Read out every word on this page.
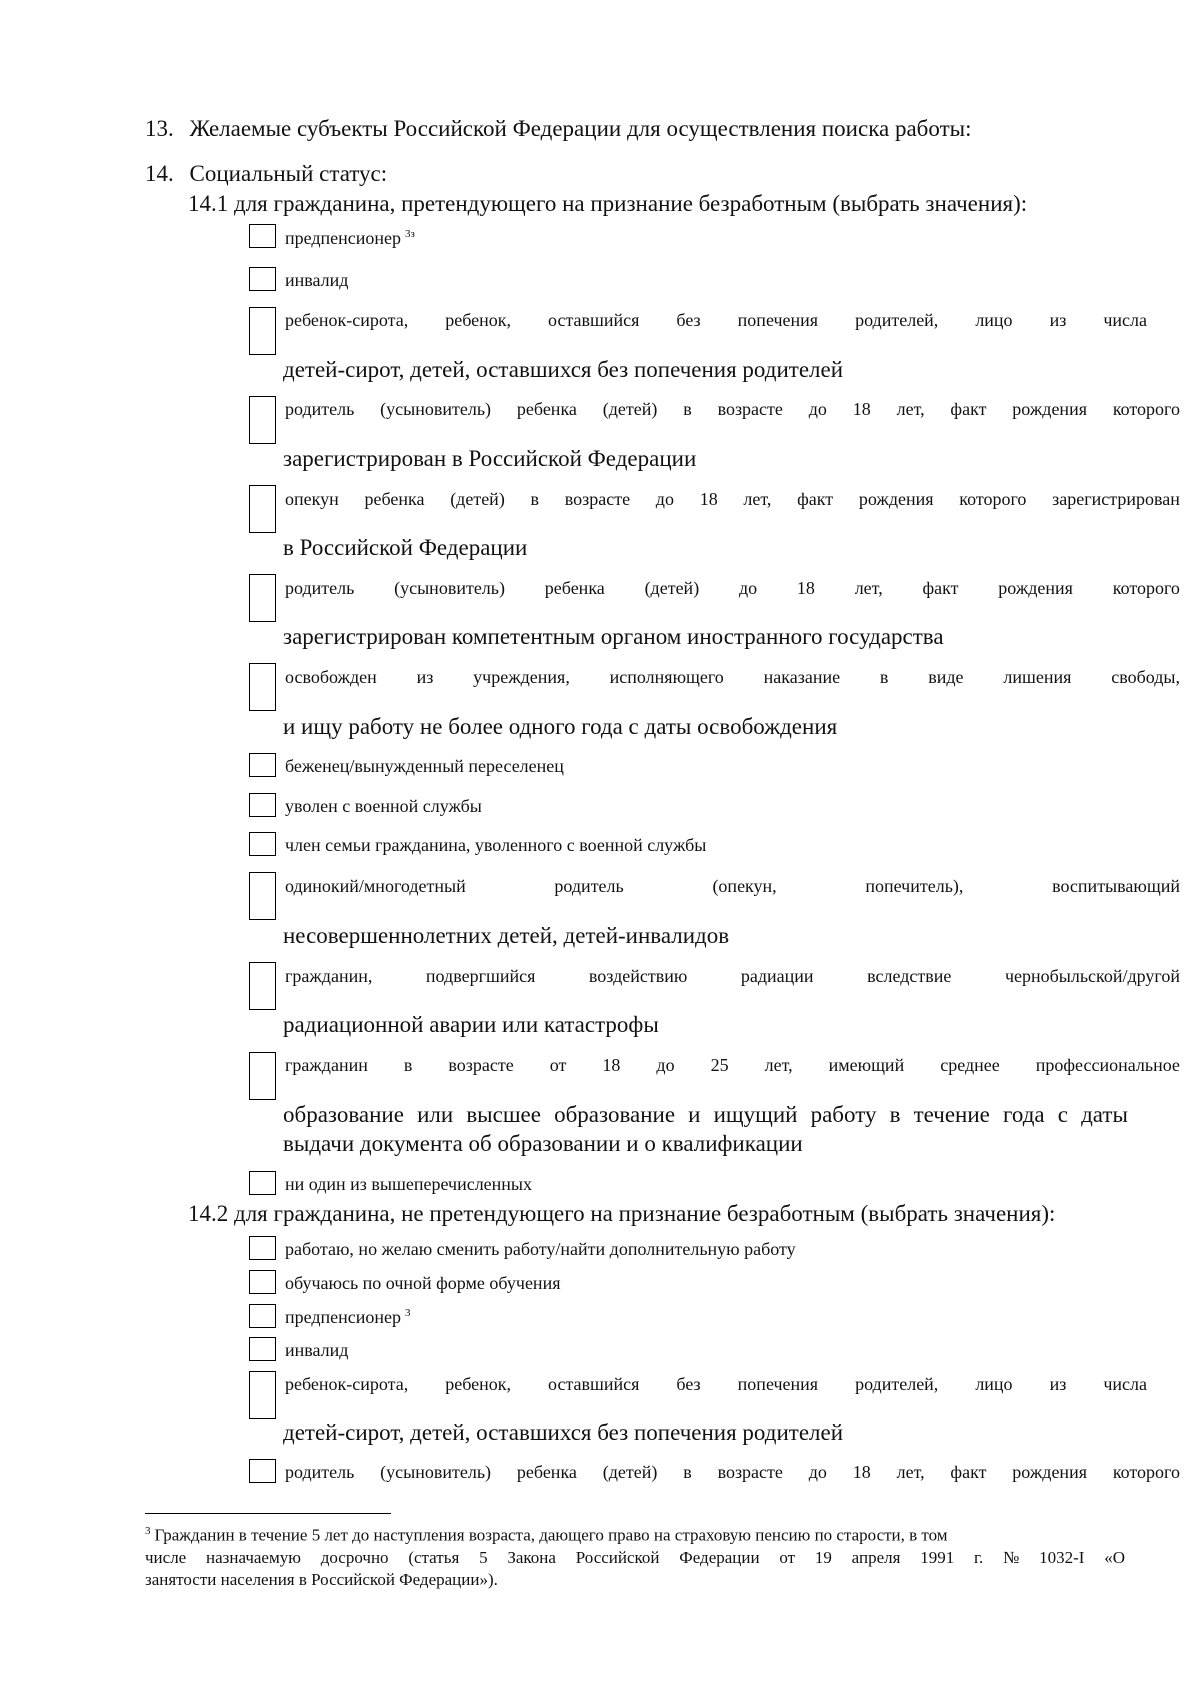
13. Желаемые субъекты Российской Федерации для осуществления поиска работы:
14. Социальный статус:
14.1 для гражданина, претендующего на признание безработным (выбрать значения):
предпенсионер $^{3з}$
инвалид
ребенок-сирота, ребенок, оставшийся без попечения родителей, лицо из числа
детей-сирот, детей, оставшихся без попечения родителей
родитель (усыновитель) ребенка (детей) в возрасте до 18 лет, факт рождения которого
зарегистрирован в Российской Федерации
опекун ребенка (детей) в возрасте до 18 лет, факт рождения которого зарегистрирован
в Российской Федерации
родитель (усыновитель) ребенка (детей) до 18 лет, факт рождения которого
зарегистрирован компетентным органом иностранного государства
освобожден из учреждения, исполняющего наказание в виде лишения свободы,
и ищу работу не более одного года с даты освобождения
беженец/вынужденный переселенец
уволен с военной службы
член семьи гражданина, уволенного с военной службы
одинокий/многодетный	родитель	(опекун,	попечитель),	воспитывающий
несовершеннолетних детей, детей-инвалидов
гражданин,	подвергшийся	воздействию	радиации	вследствие	чернобыльской/другой
радиационной аварии или катастрофы
гражданин в возрасте от 18 до 25 лет, имеющий среднее профессиональное
образование или высшее образование и ищущий работу в течение года с даты
выдачи документа об образовании и о квалификации
ни один из вышеперечисленных
14.2 для гражданина, не претендующего на признание безработным (выбрать значения):
работаю, но желаю сменить работу/найти дополнительную работу
обучаюсь по очной форме обучения
предпенсионер $^3$
инвалид
ребенок-сирота, ребенок, оставшийся без попечения родителей, лицо из числа
детей-сирот, детей, оставшихся без попечения родителей
родитель (усыновитель) ребенка (детей) в возрасте до 18 лет, факт рождения которого
$^3$ Гражданин в течение 5 лет до наступления возраста, дающего право на страховую пенсию по старости, в том
числе назначаемую досрочно (статья 5 Закона Российской Федерации от 19 апреля 1991 г. № 1032-I «О
занятости населения в Российской Федерации»).
